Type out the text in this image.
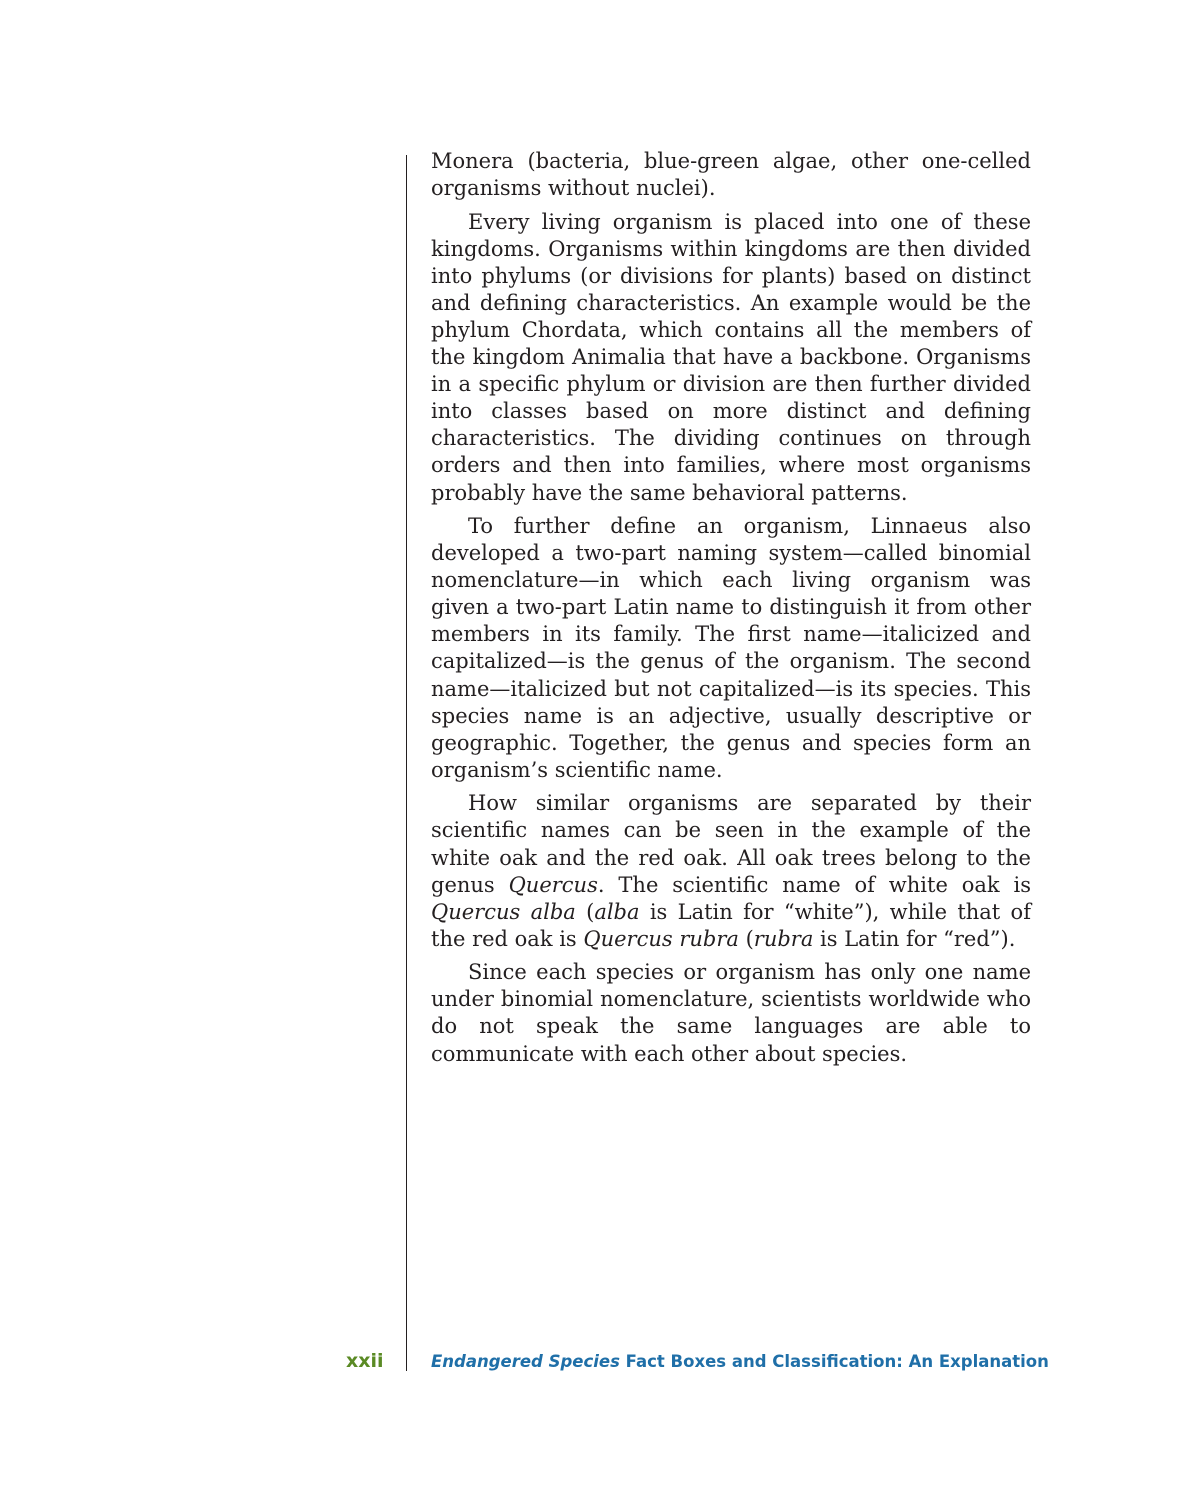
Monera (bacteria, blue-green algae, other one-celled organisms without nuclei).

Every living organism is placed into one of these kingdoms. Organisms within kingdoms are then divided into phylums (or divisions for plants) based on distinct and defining characteristics. An example would be the phylum Chordata, which contains all the members of the kingdom Animalia that have a backbone. Organisms in a specific phylum or division are then further divided into classes based on more distinct and defining characteristics. The dividing continues on through orders and then into families, where most organisms probably have the same behavioral patterns.

To further define an organism, Linnaeus also developed a two-part naming system—called binomial nomenclature—in which each living organism was given a two-part Latin name to distinguish it from other members in its family. The first name—italicized and capitalized—is the genus of the organism. The second name—italicized but not capitalized—is its species. This species name is an adjective, usually descriptive or geographic. Together, the genus and species form an organism’s scientific name.

How similar organisms are separated by their scientific names can be seen in the example of the white oak and the red oak. All oak trees belong to the genus Quercus. The scientific name of white oak is Quercus alba (alba is Latin for “white”), while that of the red oak is Quercus rubra (rubra is Latin for “red”).

Since each species or organism has only one name under binomial nomenclature, scientists worldwide who do not speak the same languages are able to communicate with each other about species.

xxii	Endangered Species Fact Boxes and Classification: An Explanation
